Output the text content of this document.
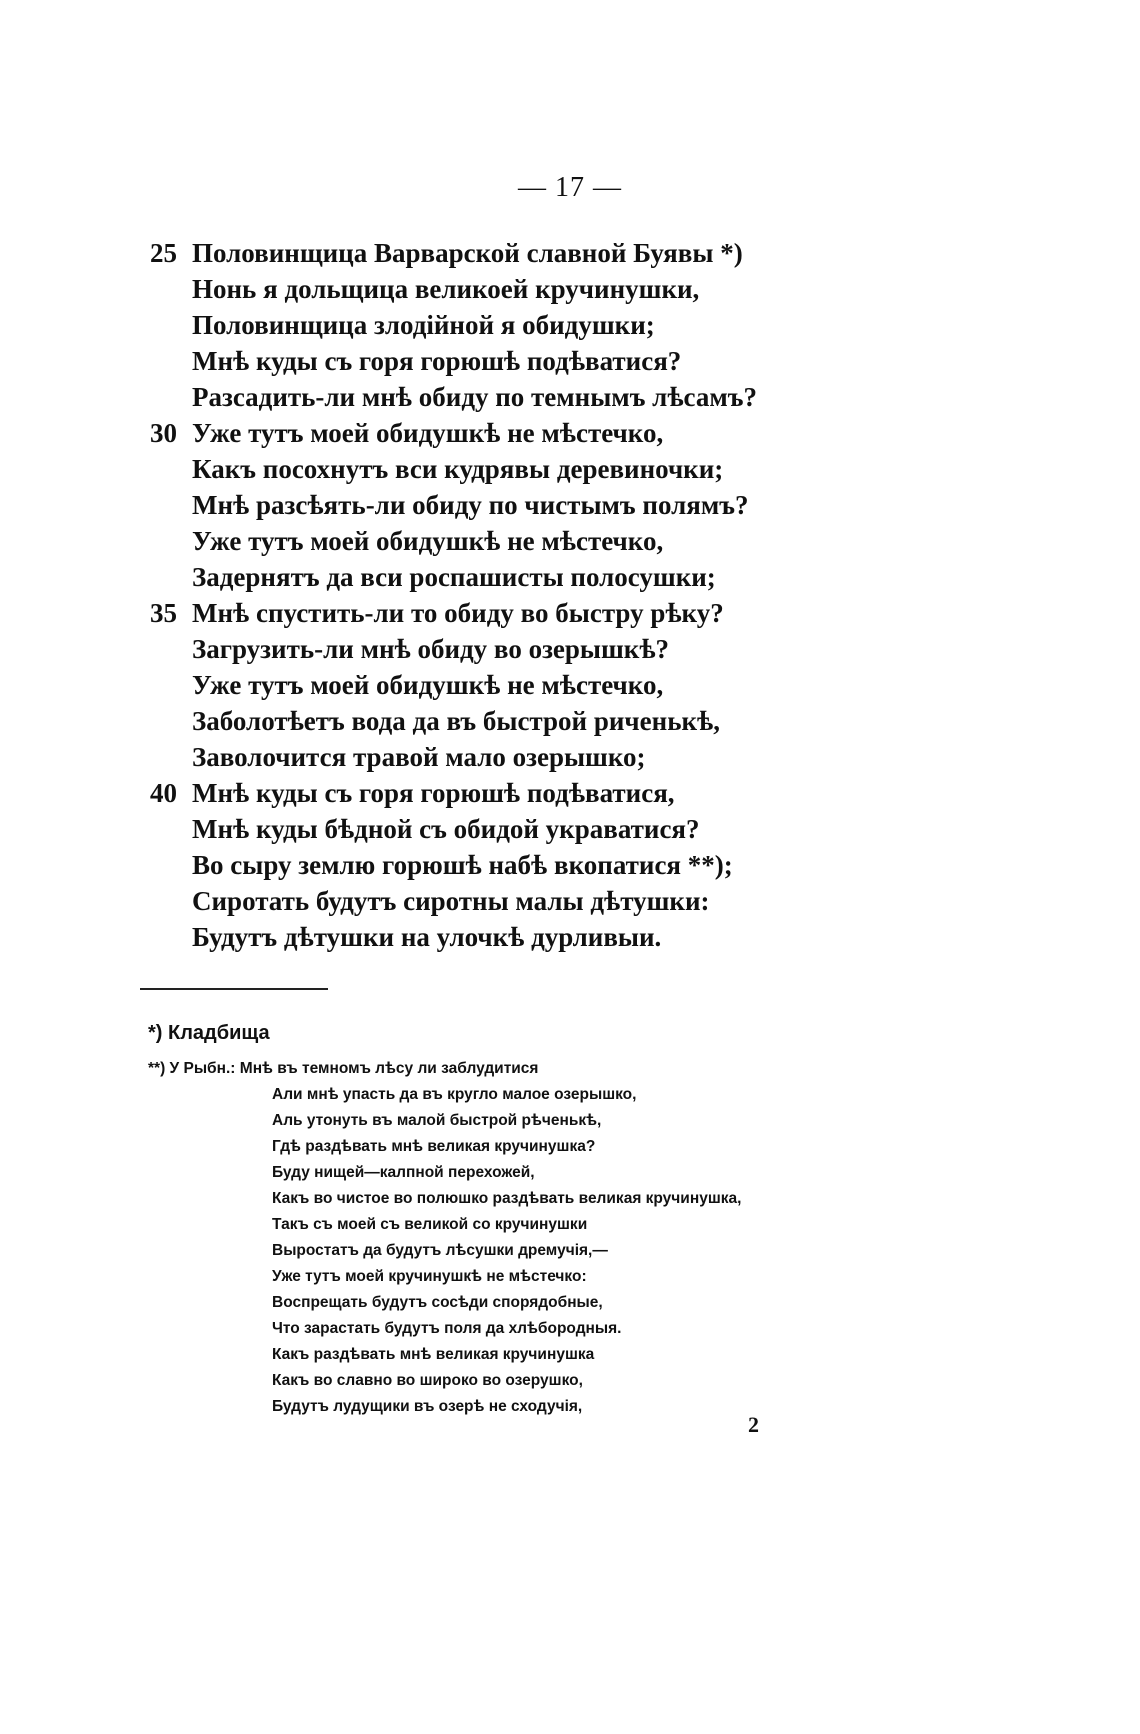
— 17 —
25 Половинщица Варварской славной Буявы *)
Нонь я дольщица великоей кручинушки,
Половинщица злодійной я обидушки;
Мнѣ куды съ горя горюшѣ подѣватися?
Разсадить-ли мнѣ обиду по темнымъ лѣсамъ?
30 Уже тутъ моей обидушкѣ не мѣстечко,
Какъ посохнутъ вси кудрявы деревиночки;
Мнѣ разсѣять-ли обиду по чистымъ полямъ?
Уже тутъ моей обидушкѣ не мѣстечко,
Задернятъ да вси роспашисты полосушки;
35 Мнѣ спустить-ли то обиду во быстру рѣку?
Загрузить-ли мнѣ обиду во озерышкѣ?
Уже тутъ моей обидушкѣ не мѣстечко,
Заболотѣетъ вода да въ быстрой риченькѣ,
Заволочится травой мало озерышко;
40 Мнѣ куды съ горя горюшѣ подѣватися,
Мнѣ куды бѣдной съ обидой украватися?
Во сыру землю горюшѣ набѣ вкопатися **);
Сиротать будутъ сиротны малы дѣтушки:
Будутъ дѣтушки на улочкѣ дурливыи.
*) Кладбища
**) У Рыбн.: Мнѣ въ темномъ лѣсу ли заблудитися
Али мнѣ упасть да въ кругло малое озерышко,
Аль утонуть въ малой быстрой рѣченькѣ,
Гдѣ раздѣвать мнѣ великая кручинушка?
Буду нищей—калпной перехожей,
Какъ во чистое во полюшко раздѣвать великая кручинушка,
Такъ съ моей съ великой со кручинушки
Выростатъ да будутъ лѣсушки дремучія,—
Уже тутъ моей кручинушкѣ не мѣстечко:
Воспрещать будутъ сосѣди спорядобные,
Что зарастать будутъ поля да хлѣбородныя.
Какъ раздѣвать мнѣ великая кручинушка
Какъ во славно во широко во озерушко,
Будутъ лудущики въ озерѣ не сходучія,
2
